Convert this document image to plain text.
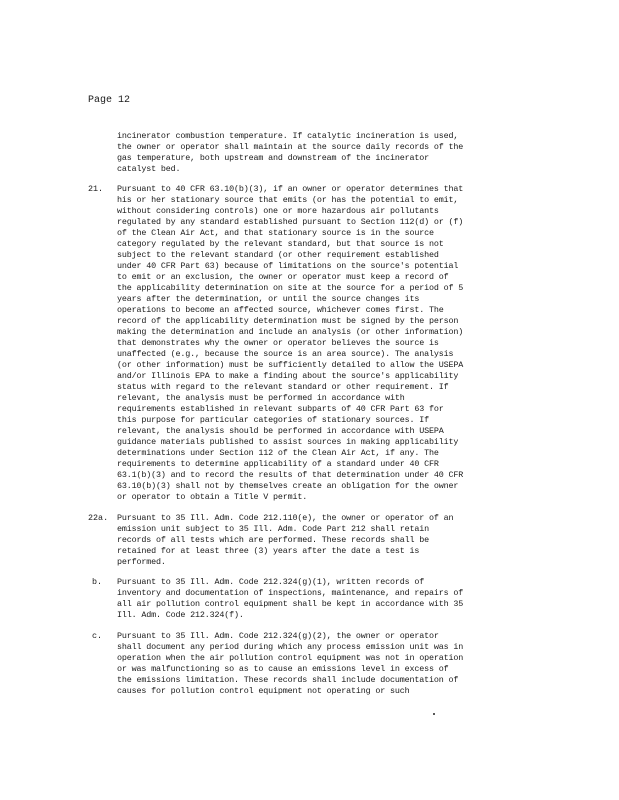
Page 12
incinerator combustion temperature. If catalytic incineration is used,
the owner or operator shall maintain at the source daily records of the
gas temperature, both upstream and downstream of the incinerator
catalyst bed.
21. Pursuant to 40 CFR 63.10(b)(3), if an owner or operator determines that
his or her stationary source that emits (or has the potential to emit,
without considering controls) one or more hazardous air pollutants
regulated by any standard established pursuant to Section 112(d) or (f)
of the Clean Air Act, and that stationary source is in the source
category regulated by the relevant standard, but that source is not
subject to the relevant standard (or other requirement established
under 40 CFR Part 63) because of limitations on the source's potential
to emit or an exclusion, the owner or operator must keep a record of
the applicability determination on site at the source for a period of 5
years after the determination, or until the source changes its
operations to become an affected source, whichever comes first. The
record of the applicability determination must be signed by the person
making the determination and include an analysis (or other information)
that demonstrates why the owner or operator believes the source is
unaffected (e.g., because the source is an area source). The analysis
(or other information) must be sufficiently detailed to allow the USEPA
and/or Illinois EPA to make a finding about the source's applicability
status with regard to the relevant standard or other requirement. If
relevant, the analysis must be performed in accordance with
requirements established in relevant subparts of 40 CFR Part 63 for
this purpose for particular categories of stationary sources. If
relevant, the analysis should be performed in accordance with USEPA
guidance materials published to assist sources in making applicability
determinations under Section 112 of the Clean Air Act, if any. The
requirements to determine applicability of a standard under 40 CFR
63.1(b)(3) and to record the results of that determination under 40 CFR
63.10(b)(3) shall not by themselves create an obligation for the owner
or operator to obtain a Title V permit.
22a. Pursuant to 35 Ill. Adm. Code 212.110(e), the owner or operator of an
emission unit subject to 35 Ill. Adm. Code Part 212 shall retain
records of all tests which are performed. These records shall be
retained for at least three (3) years after the date a test is
performed.
b. Pursuant to 35 Ill. Adm. Code 212.324(g)(1), written records of
inventory and documentation of inspections, maintenance, and repairs of
all air pollution control equipment shall be kept in accordance with 35
Ill. Adm. Code 212.324(f).
c. Pursuant to 35 Ill. Adm. Code 212.324(g)(2), the owner or operator
shall document any period during which any process emission unit was in
operation when the air pollution control equipment was not in operation
or was malfunctioning so as to cause an emissions level in excess of
the emissions limitation. These records shall include documentation of
causes for pollution control equipment not operating or such
